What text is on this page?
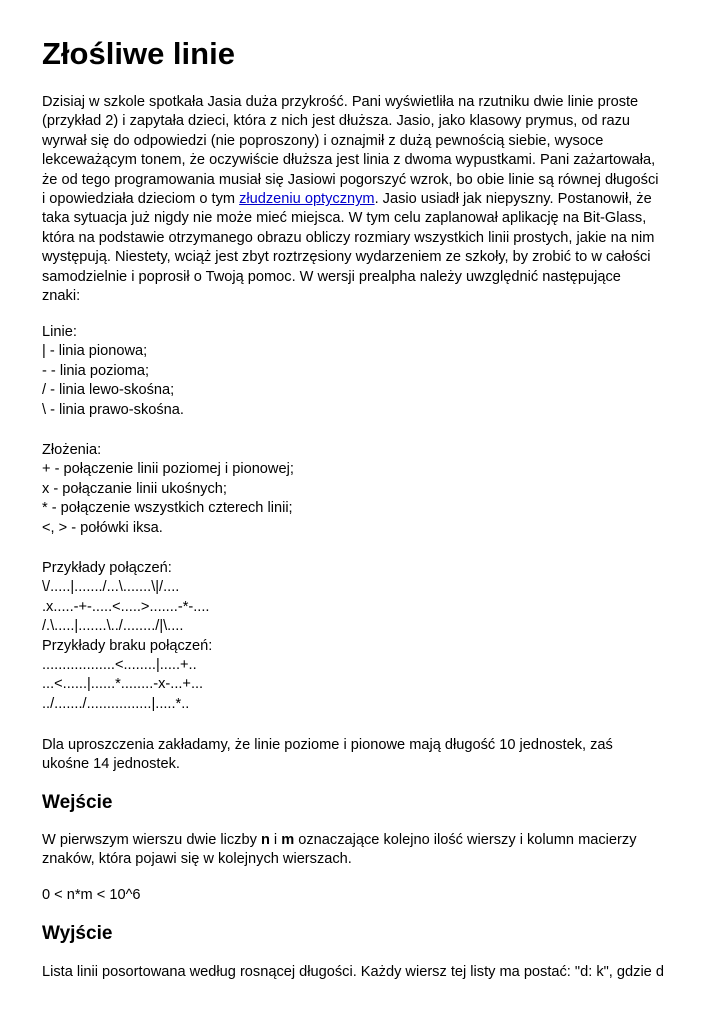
Złośliwe linie
Dzisiaj w szkole spotkała Jasia duża przykrość. Pani wyświetliła na rzutniku dwie linie proste
(przykład 2) i zapytała dzieci, która z nich jest dłuższa. Jasio, jako klasowy prymus, od razu
wyrwał się do odpowiedzi (nie poproszony) i oznajmił z dużą pewnością siebie, wysoce
lekceważącym tonem, że oczywiście dłuższa jest linia z dwoma wypustkami. Pani zażartowała,
że od tego programowania musiał się Jasiowi pogorszyć wzrok, bo obie linie są równej długości
i opowiedziała dzieciom o tym złudzeniu optycznym. Jasio usiadł jak niepyszny. Postanowił, że
taka sytuacja już nigdy nie może mieć miejsca. W tym celu zaplanował aplikację na Bit-Glass,
która na podstawie otrzymanego obrazu obliczy rozmiary wszystkich linii prostych, jakie na nim
występują. Niestety, wciąż jest zbyt roztrzęsiony wydarzeniem ze szkoły, by zrobić to w całości
samodzielnie i poprosił o Twoją pomoc. W wersji prealpha należy uwzględnić następujące
znaki:
Linie:
| - linia pionowa;
- - linia pozioma;
/ - linia lewo-skośna;
\ - linia prawo-skośna.
Złożenia:
+ - połączenie linii poziomej i pionowej;
x - połączanie linii ukośnych;
* - połączenie wszystkich czterech linii;
<, > - połówki iksa.
Przykłady połączeń:
\/.....|......./...\.......\|/....
.x.....-+-.....<.....>.......-*-....
/.\.....|.......\../......../|\....
Przykłady braku połączeń:
..................<........|.....+..
...<......|......*........-x-...+...
../......./................|.....*..
Dla uproszczenia zakładamy, że linie poziome i pionowe mają długość 10 jednostek, zaś
ukośne 14 jednostek.
Wejście
W pierwszym wierszu dwie liczby n i m oznaczające kolejno ilość wierszy i kolumn macierzy
znaków, która pojawi się w kolejnych wierszach.
0 < n*m < 10^6
Wyjście
Lista linii posortowana według rosnącej długości. Każdy wiersz tej listy ma postać: "d: k", gdzie d
